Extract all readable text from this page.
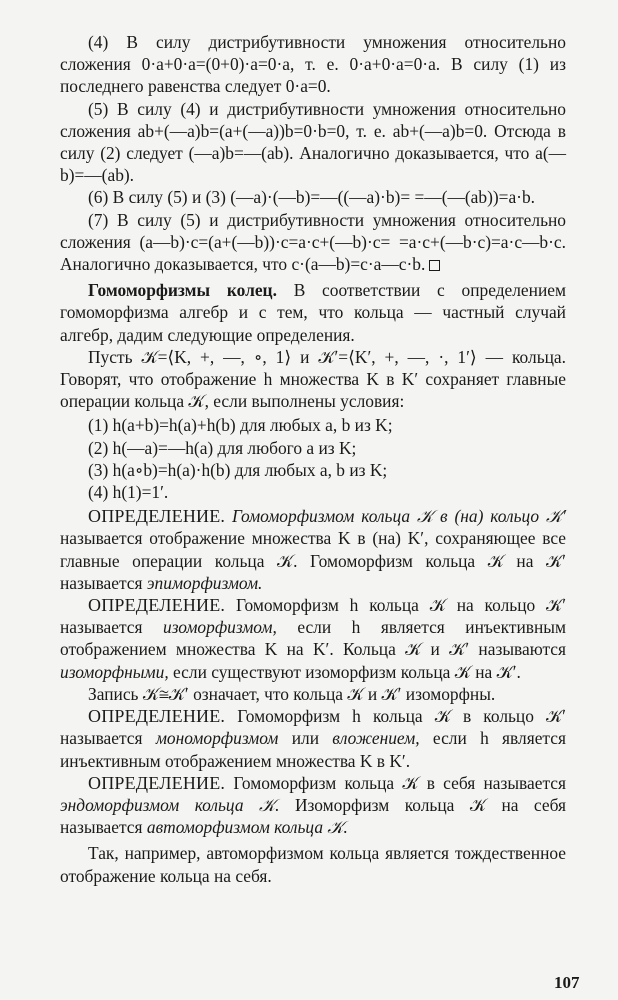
(4) В силу дистрибутивности умножения относительно сложения 0·a+0·a=(0+0)·a=0·a, т. е. 0·a+0·a=0·a. В силу (1) из последнего равенства следует 0·a=0.

(5) В силу (4) и дистрибутивности умножения относительно сложения ab+(—a)b=(a+(—a))b=0·b=0, т. е. ab+(—a)b=0. Отсюда в силу (2) следует (—a)b=—(ab). Аналогично доказывается, что a(—b)=—(ab).

(6) В силу (5) и (3) (—a)·(—b)=—((—a)·b)= =—(—(ab))=a·b.

(7) В силу (5) и дистрибутивности умножения относительно сложения (a—b)·c=(a+(—b))·c=a·c+(—b)·c= =a·c+(—b·c)=a·c—b·c. Аналогично доказывается, что c·(a—b)=c·a—c·b.

Гомоморфизмы колец. В соответствии с определением гомоморфизма алгебр и с тем, что кольца — частный случай алгебр, дадим следующие определения.

Пусть 𝒦=⟨K, +, —, ∘, 1⟩ и 𝒦′=⟨K′, +, —, ·, 1′⟩ — кольца. Говорят, что отображение h множества K в K′ сохраняет главные операции кольца 𝒦, если выполнены условия:

(1) h(a+b)=h(a)+h(b) для любых a, b из K;

(2) h(—a)=—h(a) для любого a из K;

(3) h(a∘b)=h(a)·h(b) для любых a, b из K;

(4) h(1)=1′.

ОПРЕДЕЛЕНИЕ. Гомоморфизмом кольца 𝒦 в (на) кольцо 𝒦′ называется отображение множества K в (на) K′, сохраняющее все главные операции кольца 𝒦. Гомоморфизм кольца 𝒦 на 𝒦′ называется эпиморфизмом.

ОПРЕДЕЛЕНИЕ. Гомоморфизм h кольца 𝒦 на кольцо 𝒦′ называется изоморфизмом, если h является инъективным отображением множества K на K′. Кольца 𝒦 и 𝒦′ называются изоморфными, если существуют изоморфизм кольца 𝒦 на 𝒦′.

Запись 𝒦≅𝒦′ означает, что кольца 𝒦 и 𝒦′ изоморфны.

ОПРЕДЕЛЕНИЕ. Гомоморфизм h кольца 𝒦 в кольцо 𝒦′ называется мономорфизмом или вложением, если h является инъективным отображением множества K в K′.

ОПРЕДЕЛЕНИЕ. Гомоморфизм кольца 𝒦 в себя называется эндоморфизмом кольца 𝒦. Изоморфизм кольца 𝒦 на себя называется автоморфизмом кольца 𝒦.

Так, например, автоморфизмом кольца является тождественное отображение кольца на себя.

107
